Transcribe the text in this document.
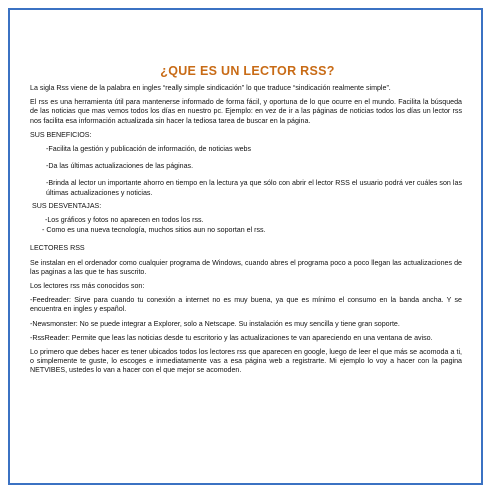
¿QUE ES UN LECTOR RSS?

La sigla Rss viene de la palabra en ingles “really simple sindicación” lo que traduce “sindicación realmente simple”.

El rss es una herramienta útil para mantenerse informado de forma fácil, y oportuna de lo que ocurre en el mundo. Facilita la búsqueda de las noticias que mas vemos todos los días en nuestro pc. Ejemplo: en vez de ir a las páginas de noticias todos los días un lector rss nos facilita esa información actualizada sin hacer la tediosa tarea de buscar en la página.

SUS BENEFICIOS:

-Facilita la gestión y publicación de información, de noticias webs

-Da las últimas actualizaciones de las páginas.

-Brinda al lector un importante ahorro en tiempo en la lectura ya que sólo con abrir el lector RSS el usuario podrá ver cuáles son las últimas actualizaciones y noticias.

SUS DESVENTAJAS:

-Los gráficos y fotos no aparecen en todos los rss.

- Como es una nueva tecnología, muchos sitios aun no soportan el rss.

LECTORES RSS

Se instalan en el ordenador como cualquier programa de Windows, cuando abres el programa poco a poco llegan las actualizaciones de las paginas a las que te has suscrito.

Los lectores rss más conocidos son:

-Feedreader: Sirve para cuando tu conexión a internet no es muy buena, ya que es mínimo el consumo en la banda ancha. Y se encuentra en ingles y español.

-Newsmonster: No se puede integrar a Explorer, solo a Netscape. Su instalación es muy sencilla y tiene gran soporte.

-RssReader: Permite que leas las noticias desde tu escritorio y las actualizaciones te van apareciendo en una ventana de aviso.

Lo primero que debes hacer es tener ubicados todos los lectores rss que aparecen en google, luego de leer el que más se acomoda a ti, o simplemente te guste, lo escoges e inmediatamente vas a esa página web a registrarte. Mi ejemplo lo voy a hacer con la pagina NETVIBES, ustedes lo van a hacer con el que mejor se acomoden.
